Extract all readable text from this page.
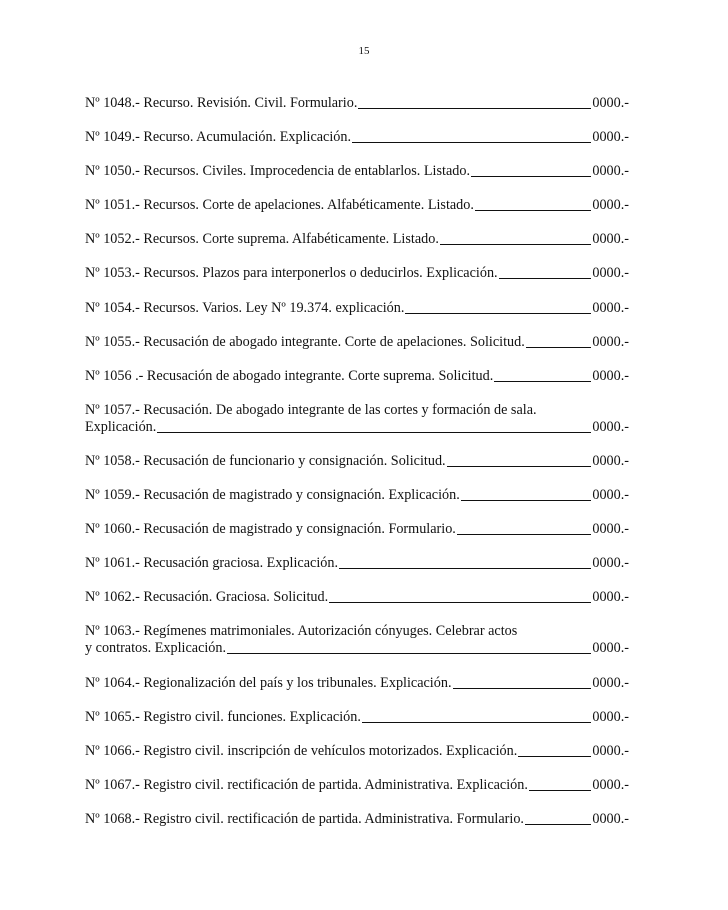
15
Nº 1048.- Recurso. Revisión. Civil. Formulario.	0000.-
Nº 1049.- Recurso. Acumulación. Explicación.	0000.-
Nº 1050.- Recursos. Civiles. Improcedencia de entablarlos. Listado.	0000.-
Nº 1051.- Recursos. Corte de apelaciones. Alfabéticamente. Listado.	0000.-
Nº 1052.- Recursos. Corte suprema. Alfabéticamente. Listado.	0000.-
Nº 1053.- Recursos. Plazos para interponerlos o deducirlos. Explicación.	0000.-
Nº 1054.- Recursos. Varios. Ley Nº 19.374. explicación.	0000.-
Nº 1055.- Recusación de abogado integrante. Corte de apelaciones. Solicitud.	0000.-
Nº 1056 .- Recusación de abogado integrante. Corte suprema. Solicitud.	0000.-
Nº 1057.- Recusación. De abogado integrante de las cortes y formación de sala.
Explicación.	0000.-
Nº 1058.- Recusación de funcionario y consignación. Solicitud.	0000.-
Nº 1059.- Recusación de magistrado y consignación. Explicación.	0000.-
Nº 1060.- Recusación de magistrado y consignación. Formulario.	0000.-
Nº 1061.- Recusación graciosa. Explicación.	0000.-
Nº 1062.- Recusación. Graciosa. Solicitud.	0000.-
Nº 1063.- Regímenes matrimoniales. Autorización cónyuges. Celebrar actos
y contratos. Explicación.	0000.-
Nº 1064.- Regionalización del país y los tribunales. Explicación.	0000.-
Nº 1065.- Registro civil. funciones. Explicación.	0000.-
Nº 1066.- Registro civil. inscripción de vehículos motorizados. Explicación.	0000.-
Nº 1067.- Registro civil. rectificación de partida. Administrativa. Explicación.	0000.-
Nº 1068.- Registro civil. rectificación de partida. Administrativa. Formulario.	0000.-
